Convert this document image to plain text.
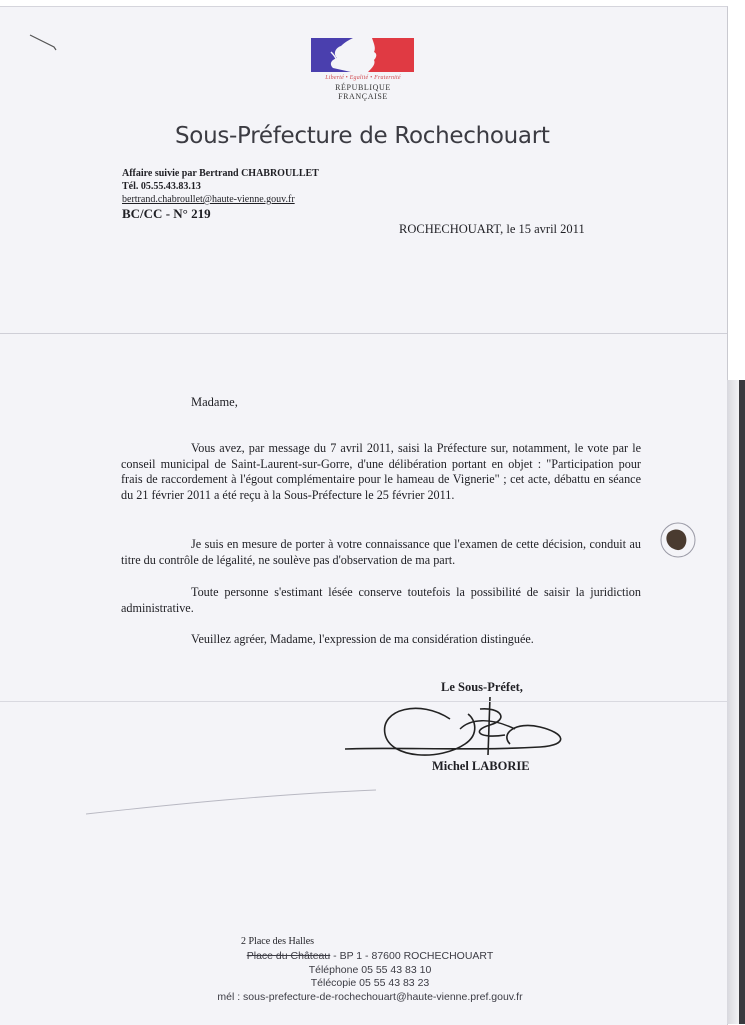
Liberté • Egalité • Fraternité
RÉPUBLIQUE FRANÇAISE
Sous-Préfecture de Rochechouart
Affaire suivie par Bertrand CHABROULLET
Tél. 05.55.43.83.13
bertrand.chabroullet@haute-vienne.gouv.fr
BC/CC - N° 219
ROCHECHOUART, le 15 avril 2011
Madame,
Vous avez, par message du 7 avril 2011, saisi la Préfecture sur, notamment, le vote par le conseil municipal de Saint-Laurent-sur-Gorre, d'une délibération portant en objet : "Participation pour frais de raccordement à l'égout complémentaire pour le hameau de Vignerie" ; cet acte, débattu en séance du 21 février 2011 a été reçu à la Sous-Préfecture le 25 février 2011.
Je suis en mesure de porter à votre connaissance que l'examen de cette décision, conduit au titre du contrôle de légalité, ne soulève pas d'observation de ma part.
Toute personne s'estimant lésée conserve toutefois la possibilité de saisir la juridiction administrative.
Veuillez agréer, Madame, l'expression de ma considération distinguée.
Le Sous-Préfet,
Michel LABORIE
2 Place des Halles
Place du Château - BP 1 - 87600 ROCHECHOUART
Téléphone 05 55 43 83 10
Télécopie 05 55 43 83 23
mél : sous-prefecture-de-rochechouart@haute-vienne.pref.gouv.fr
